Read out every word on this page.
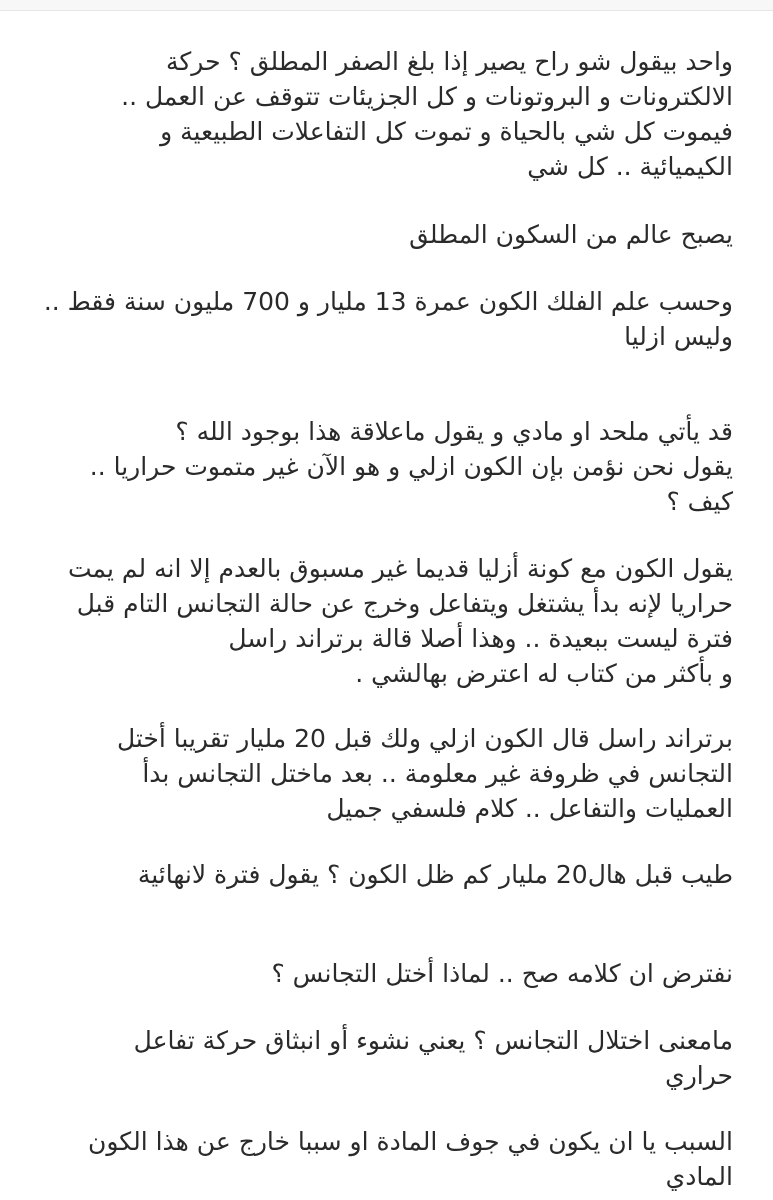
واحد بيقول شو راح يصير إذا بلغ الصفر المطلق ؟ حركة
الالكترونات و البروتونات و كل الجزيئات تتوقف عن العمل ..
فيموت كل شي بالحياة و تموت كل التفاعلات الطبيعية و
الكيميائية .. كل شي
يصبح عالم من السكون المطلق
وحسب علم الفلك الكون عمرة 13 مليار و 700 مليون سنة فقط ..
وليس ازليا
قد يأتي ملحد او مادي و يقول ماعلاقة هذا بوجود الله ؟
يقول نحن نؤمن بإن الكون ازلي و هو الآن غير متموت حراريا ..
كيف ؟
يقول الكون مع كونة أزليا قديما غير مسبوق بالعدم إلا انه لم يمت
حراريا لإنه بدأ يشتغل ويتفاعل وخرج عن حالة التجانس التام قبل
فترة ليست ببعيدة .. وهذا أصلا قالة برتراند راسل
و بأكثر من كتاب له اعترض بهالشي .
برتراند راسل قال الكون ازلي ولك قبل 20 مليار تقريبا أختل
التجانس في ظروفة غير معلومة .. بعد ماختل التجانس بدأ
العمليات والتفاعل .. كلام فلسفي جميل
طيب قبل هال20 مليار كم ظل الكون ؟ يقول فترة لانهائية
نفترض ان كلامه صح .. لماذا أختل التجانس ؟
مامعنى اختلال التجانس ؟ يعني نشوء أو انبثاق حركة تفاعل
حراري
السبب يا ان يكون في جوف المادة او سببا خارج عن هذا الكون
المادي
